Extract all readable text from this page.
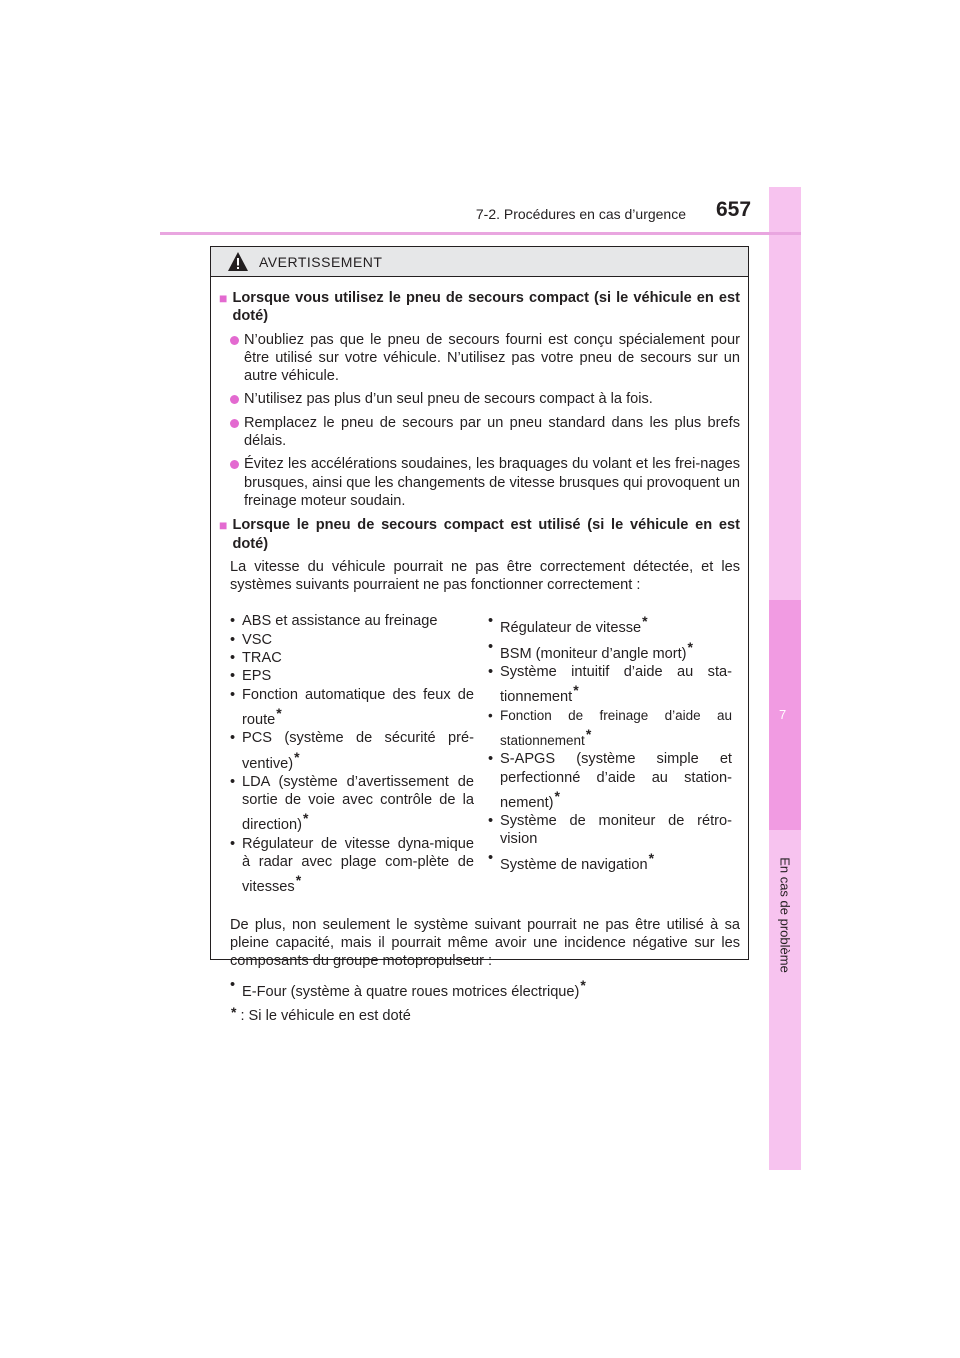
7
En cas de problème
7-2. Procédures en cas d’urgence 657
AVERTISSEMENT
■ Lorsque vous utilisez le pneu de secours compact (si le véhicule en est doté)
N’oubliez pas que le pneu de secours fourni est conçu spécialement pour être utilisé sur votre véhicule. N’utilisez pas votre pneu de secours sur un autre véhicule.
N’utilisez pas plus d’un seul pneu de secours compact à la fois.
Remplacez le pneu de secours par un pneu standard dans les plus brefs délais.
Évitez les accélérations soudaines, les braquages du volant et les frei-nages brusques, ainsi que les changements de vitesse brusques qui provoquent un freinage moteur soudain.
■ Lorsque le pneu de secours compact est utilisé (si le véhicule en est doté)
La vitesse du véhicule pourrait ne pas être correctement détectée, et les systèmes suivants pourraient ne pas fonctionner correctement :
• ABS et assistance au freinage
• VSC
• TRAC
• EPS
• Fonction automatique des feux de route*
• PCS (système de sécurité pré-ventive)*
• LDA (système d’avertissement de sortie de voie avec contrôle de la direction)*
• Régulateur de vitesse dyna-mique à radar avec plage com-plète de vitesses*
• Régulateur de vitesse*
• BSM (moniteur d’angle mort)*
• Système intuitif d’aide au sta-tionnement*
• Fonction de freinage d’aide au stationnement*
• S-APGS (système simple et perfectionné d’aide au station-nement)*
• Système de moniteur de rétro-vision
• Système de navigation*
De plus, non seulement le système suivant pourrait ne pas être utilisé à sa pleine capacité, mais il pourrait même avoir une incidence négative sur les composants du groupe motopropulseur :
• E-Four (système à quatre roues motrices électrique)*
* : Si le véhicule en est doté
